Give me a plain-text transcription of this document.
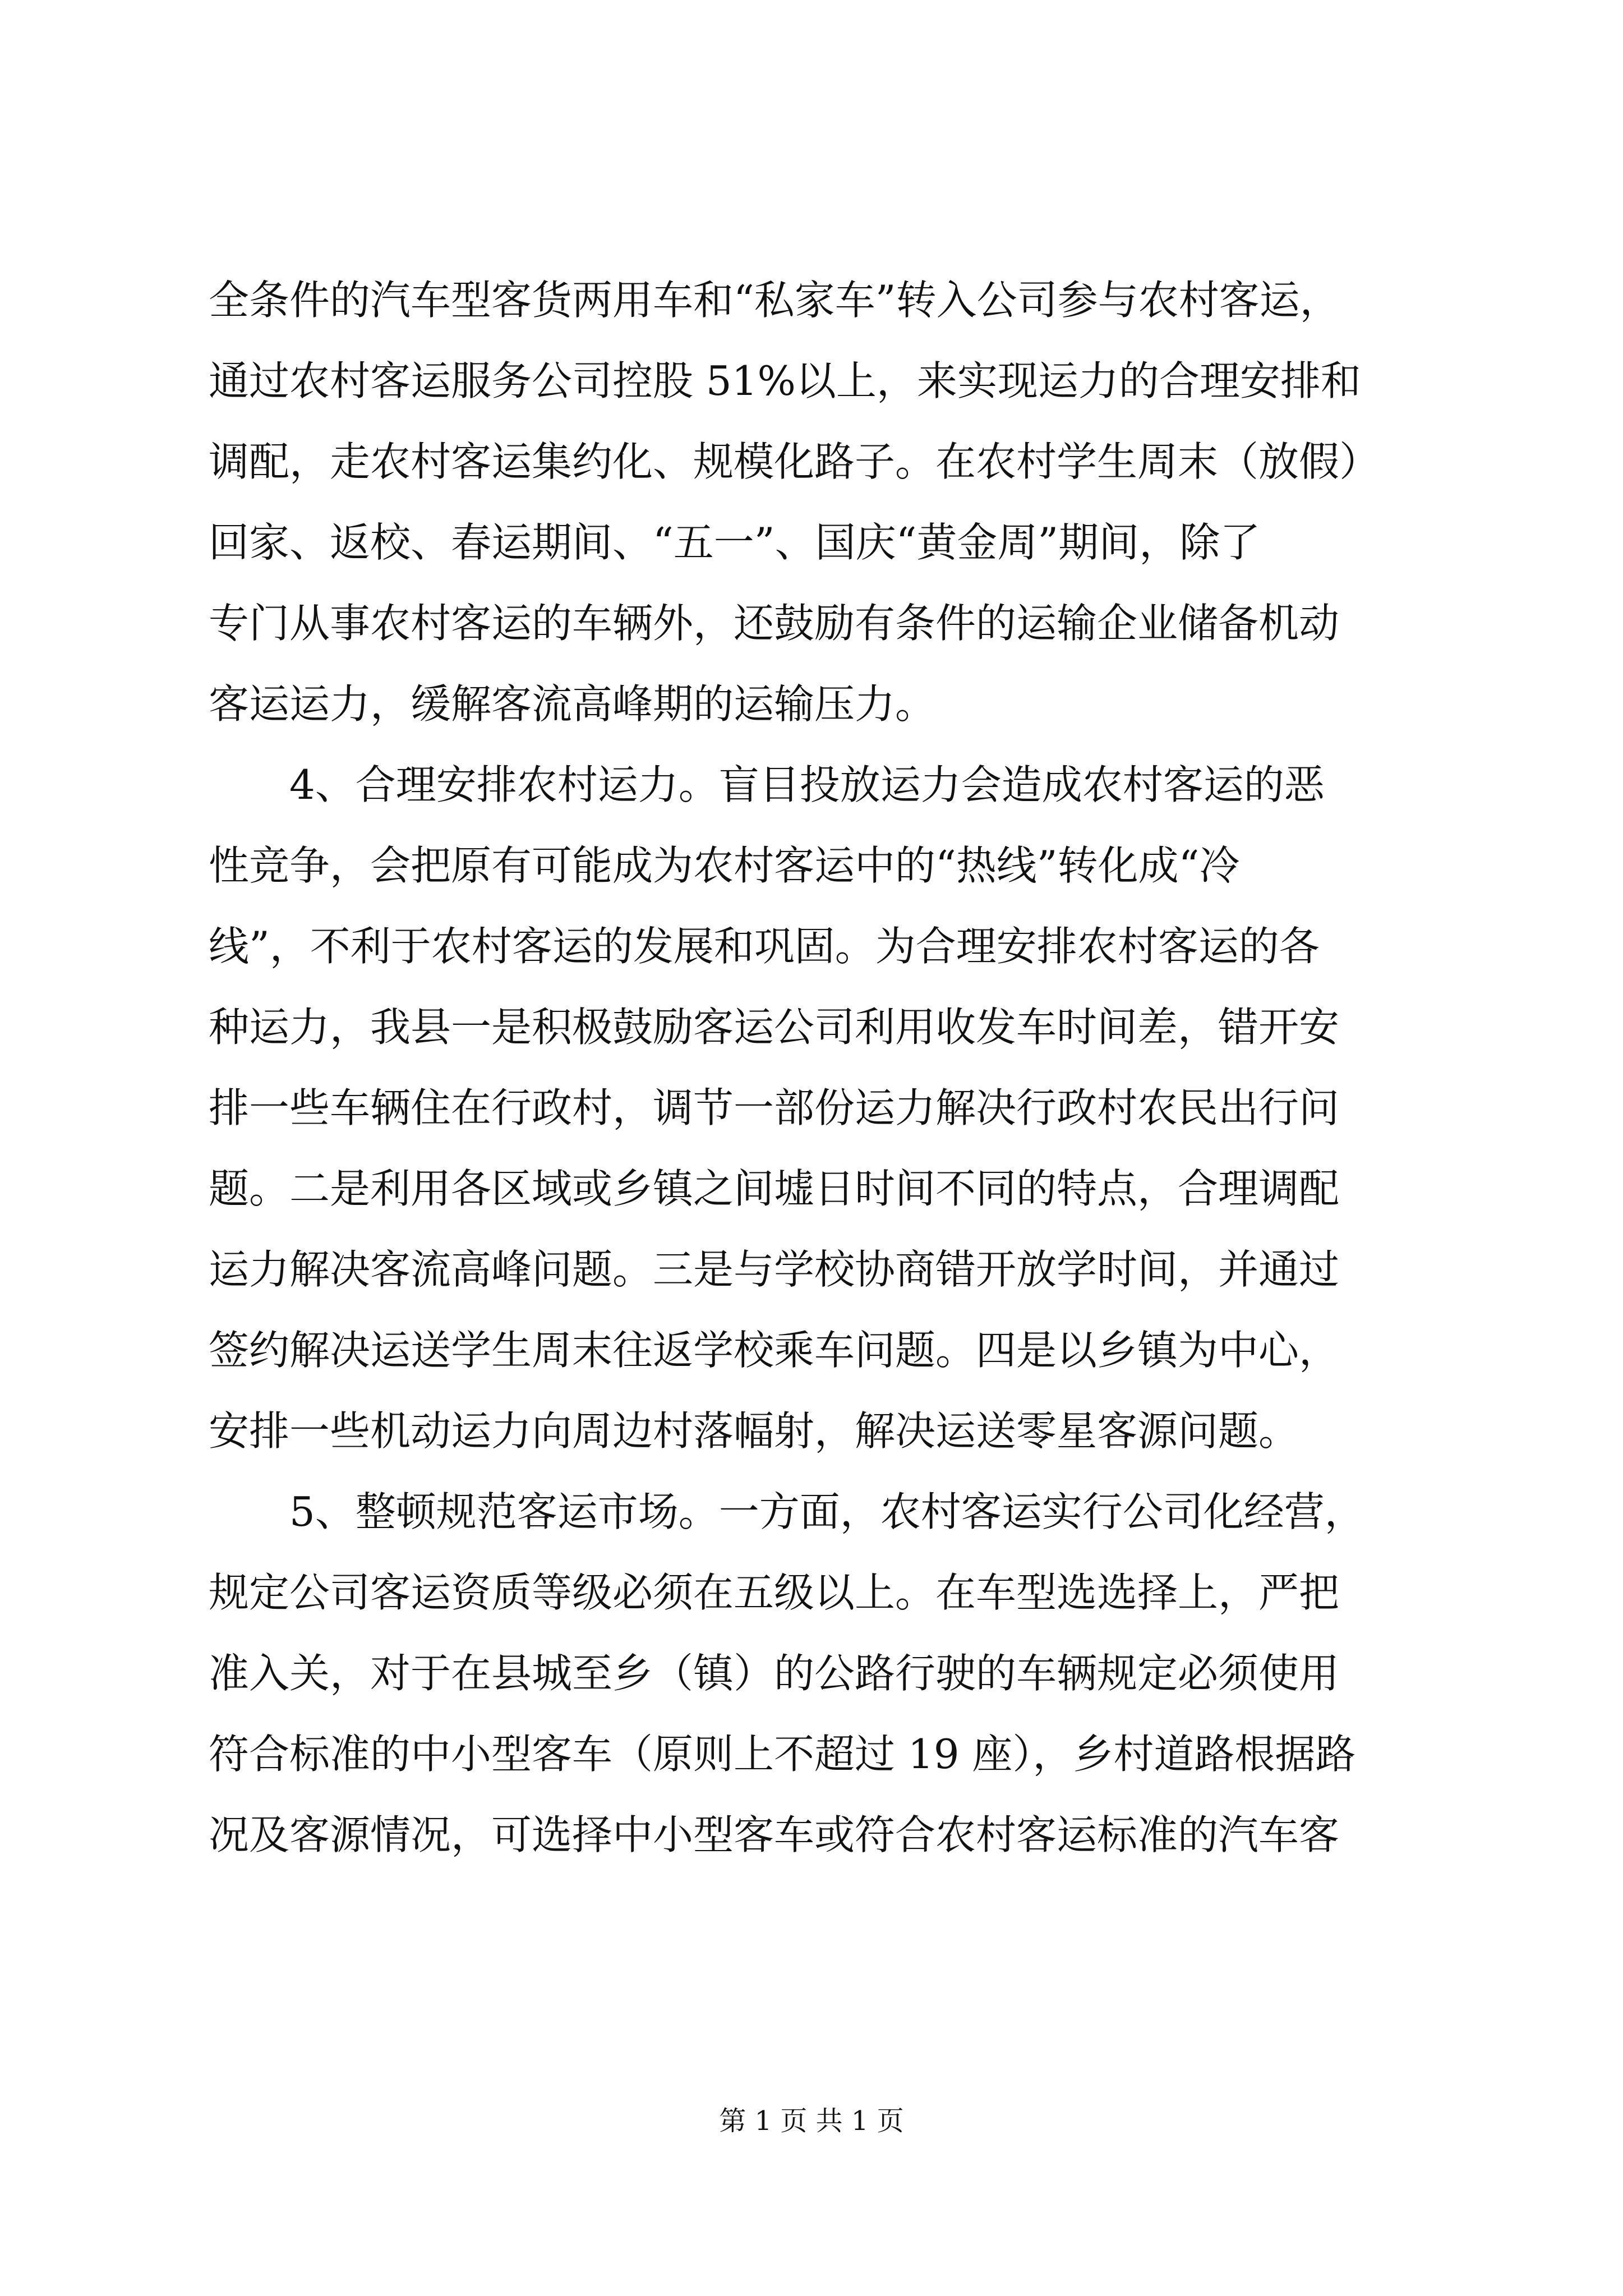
全条件的汽车型客货两用车和“私家车”转入公司参与农村客运，
通过农村客运服务公司控股 51%以上，来实现运力的合理安排和
调配，走农村客运集约化、规模化路子。在农村学生周末（放假）
回家、返校、春运期间、“五一”、国庆“黄金周”期间，除了
专门从事农村客运的车辆外，还鼓励有条件的运输企业储备机动
客运运力，缓解客流高峰期的运输压力。
　　4、合理安排农村运力。盲目投放运力会造成农村客运的恶
性竞争，会把原有可能成为农村客运中的“热线”转化成“冷
线”，不利于农村客运的发展和巩固。为合理安排农村客运的各
种运力，我县一是积极鼓励客运公司利用收发车时间差，错开安
排一些车辆住在行政村，调节一部份运力解决行政村农民出行问
题。二是利用各区域或乡镇之间墟日时间不同的特点，合理调配
运力解决客流高峰问题。三是与学校协商错开放学时间，并通过
签约解决运送学生周末往返学校乘车问题。四是以乡镇为中心，
安排一些机动运力向周边村落幅射，解决运送零星客源问题。
　　5、整顿规范客运市场。一方面，农村客运实行公司化经营，
规定公司客运资质等级必须在五级以上。在车型选选择上，严把
准入关，对于在县城至乡（镇）的公路行驶的车辆规定必须使用
符合标准的中小型客车（原则上不超过 19 座），乡村道路根据路
况及客源情况，可选择中小型客车或符合农村客运标准的汽车客
第 1 页 共 1 页
